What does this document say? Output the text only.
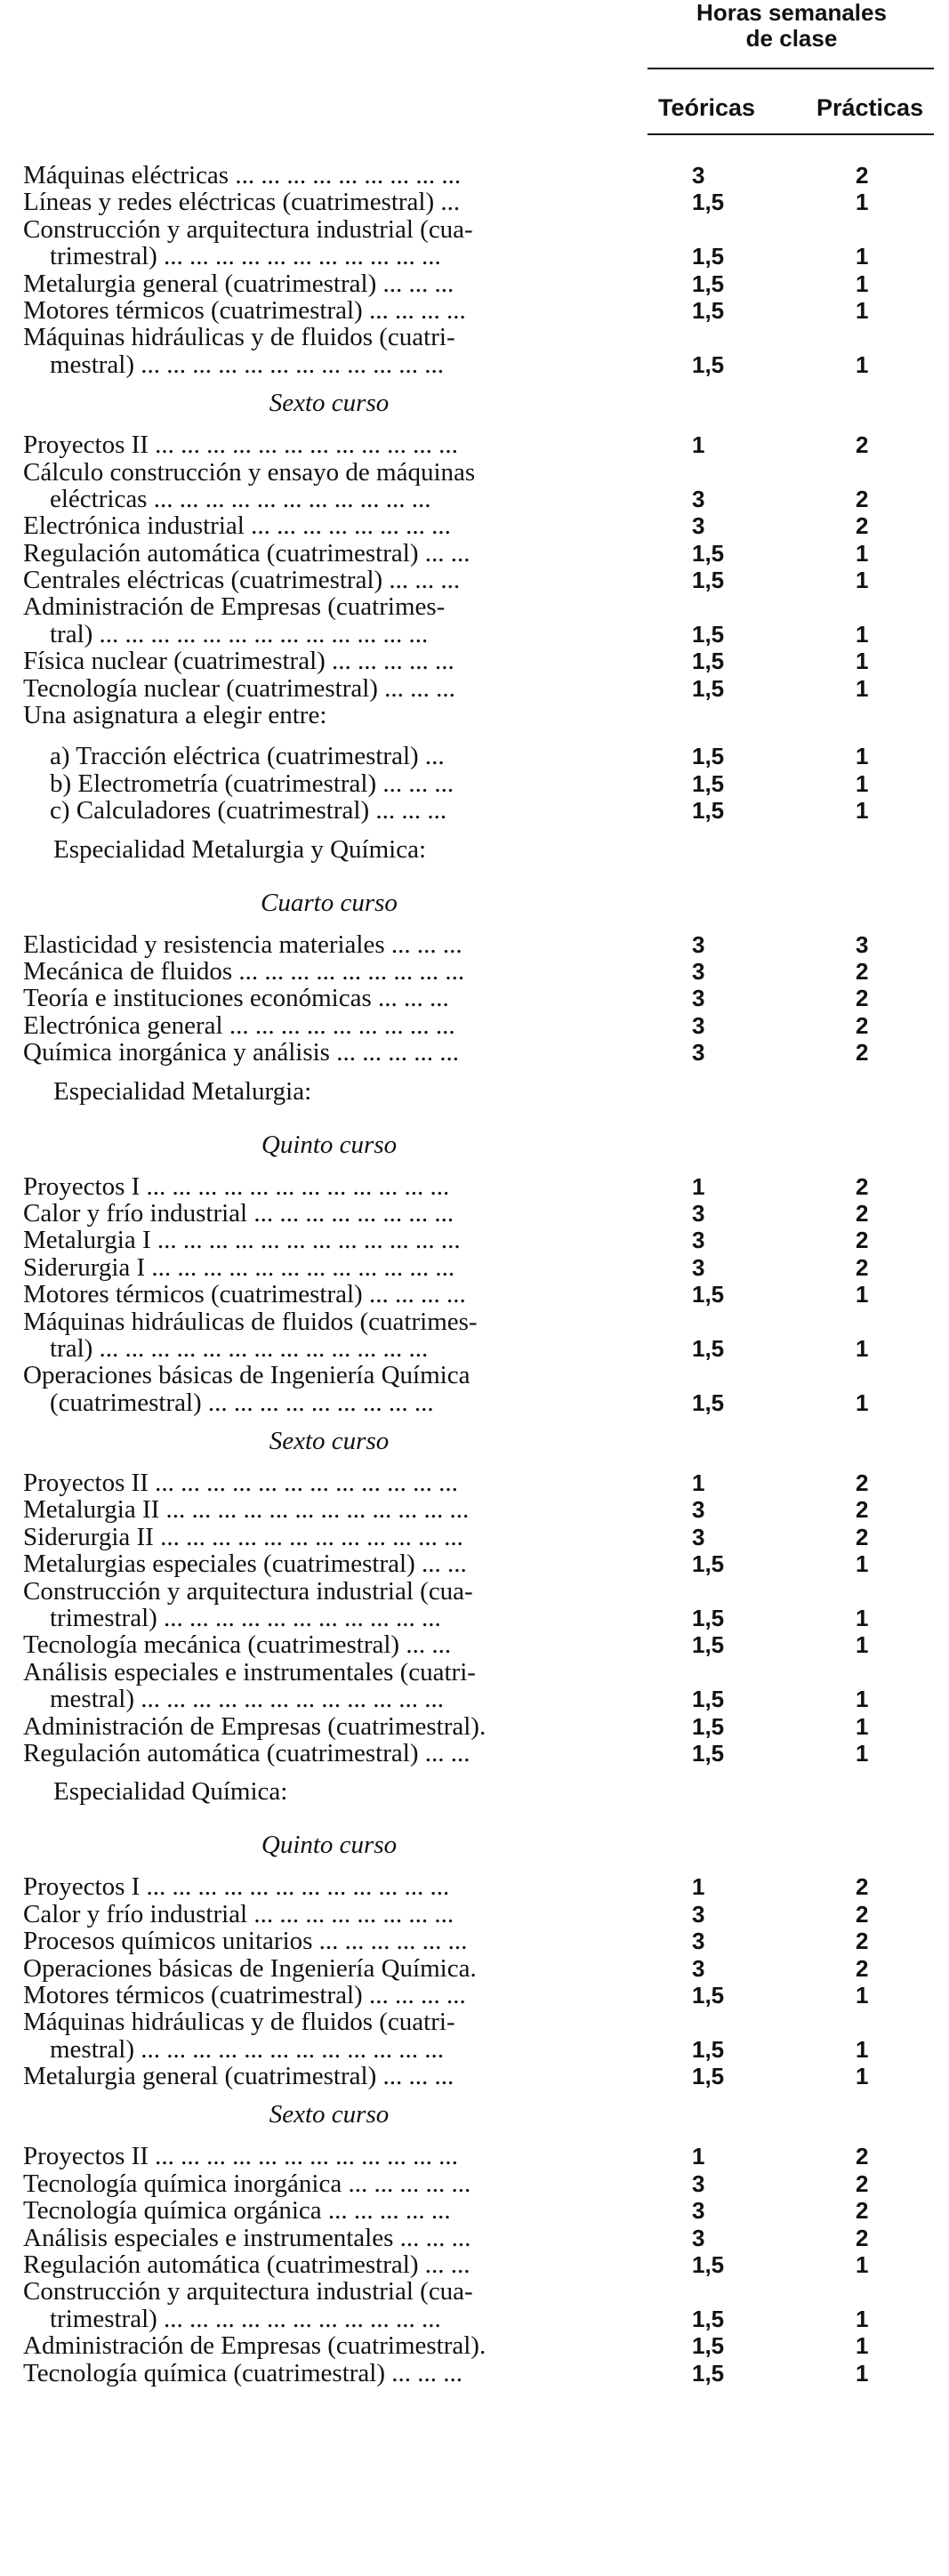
Horas semanales
de clase
Teóricas	Prácticas
Máquinas eléctricas ... ... ... ... ... ... ... ... ...	3	2
Líneas y redes eléctricas (cuatrimestral) ...	1,5	1
Construcción y arquitectura industrial (cua-
trimestral) ... ... ... ... ... ... ... ... ... ... ...	1,5	1
Metalurgia general (cuatrimestral) ... ... ...	1,5	1
Motores térmicos (cuatrimestral) ... ... ... ...	1,5	1
Máquinas hidráulicas y de fluidos (cuatri-
mestral) ... ... ... ... ... ... ... ... ... ... ... ...	1,5	1
Sexto curso
Proyectos II ... ... ... ... ... ... ... ... ... ... ... ...	1	2
Cálculo construcción y ensayo de máquinas
eléctricas ... ... ... ... ... ... ... ... ... ... ...	3	2
Electrónica industrial ... ... ... ... ... ... ... ...	3	2
Regulación automática (cuatrimestral) ... ...	1,5	1
Centrales eléctricas (cuatrimestral) ... ... ...	1,5	1
Administración de Empresas (cuatrimes-
tral) ... ... ... ... ... ... ... ... ... ... ... ... ...	1,5	1
Física nuclear (cuatrimestral) ... ... ... ... ...	1,5	1
Tecnología nuclear (cuatrimestral) ... ... ...	1,5	1
Una asignatura a elegir entre:
a) Tracción eléctrica (cuatrimestral) ...	1,5	1
b) Electrometría (cuatrimestral) ... ... ...	1,5	1
c) Calculadores (cuatrimestral) ... ... ...	1,5	1
Especialidad Metalurgia y Química:
Cuarto curso
Elasticidad y resistencia materiales ... ... ...	3	3
Mecánica de fluidos ... ... ... ... ... ... ... ... ...	3	2
Teoría e instituciones económicas ... ... ...	3	2
Electrónica general ... ... ... ... ... ... ... ... ...	3	2
Química inorgánica y análisis ... ... ... ... ...	3	2
Especialidad Metalurgia:
Quinto curso
Proyectos I ... ... ... ... ... ... ... ... ... ... ... ...	1	2
Calor y frío industrial ... ... ... ... ... ... ... ...	3	2
Metalurgia I ... ... ... ... ... ... ... ... ... ... ... ...	3	2
Siderurgia I ... ... ... ... ... ... ... ... ... ... ... ...	3	2
Motores térmicos (cuatrimestral) ... ... ... ...	1,5	1
Máquinas hidráulicas de fluidos (cuatrimes-
tral) ... ... ... ... ... ... ... ... ... ... ... ... ...	1,5	1
Operaciones básicas de Ingeniería Química
(cuatrimestral) ... ... ... ... ... ... ... ... ...	1,5	1
Sexto curso
Proyectos II ... ... ... ... ... ... ... ... ... ... ... ...	1	2
Metalurgia II ... ... ... ... ... ... ... ... ... ... ... ...	3	2
Siderurgia II ... ... ... ... ... ... ... ... ... ... ... ...	3	2
Metalurgias especiales (cuatrimestral) ... ...	1,5	1
Construcción y arquitectura industrial (cua-
trimestral) ... ... ... ... ... ... ... ... ... ... ...	1,5	1
Tecnología mecánica (cuatrimestral) ... ...	1,5	1
Análisis especiales e instrumentales (cuatri-
mestral) ... ... ... ... ... ... ... ... ... ... ... ...	1,5	1
Administración de Empresas (cuatrimestral).	1,5	1
Regulación automática (cuatrimestral) ... ...	1,5	1
Especialidad Química:
Quinto curso
Proyectos I ... ... ... ... ... ... ... ... ... ... ... ...	1	2
Calor y frío industrial ... ... ... ... ... ... ... ...	3	2
Procesos químicos unitarios ... ... ... ... ... ...	3	2
Operaciones básicas de Ingeniería Química.	3	2
Motores térmicos (cuatrimestral) ... ... ... ...	1,5	1
Máquinas hidráulicas y de fluidos (cuatri-
mestral) ... ... ... ... ... ... ... ... ... ... ... ...	1,5	1
Metalurgia general (cuatrimestral) ... ... ...	1,5	1
Sexto curso
Proyectos II ... ... ... ... ... ... ... ... ... ... ... ...	1	2
Tecnología química inorgánica ... ... ... ... ...	3	2
Tecnología química orgánica ... ... ... ... ...	3	2
Análisis especiales e instrumentales ... ... ...	3	2
Regulación automática (cuatrimestral) ... ...	1,5	1
Construcción y arquitectura industrial (cua-
trimestral) ... ... ... ... ... ... ... ... ... ... ...	1,5	1
Administración de Empresas (cuatrimestral).	1,5	1
Tecnología química (cuatrimestral) ... ... ...	1,5	1
